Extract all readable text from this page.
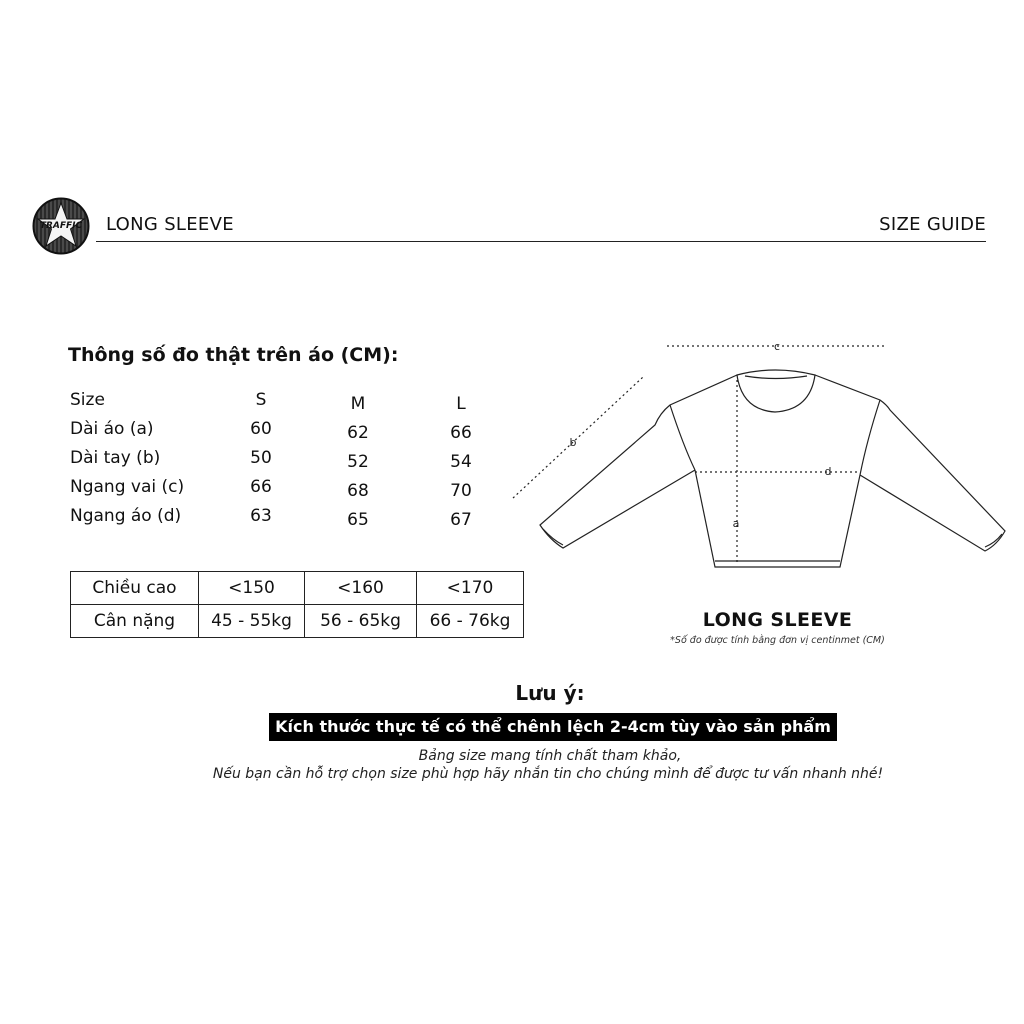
TRAFFIC LONG SLEEVE	SIZE GUIDE
Thông số đo thật trên áo (CM):
Size	S	M	L
Dài áo (a)	60	62	66
Dài tay (b)	50	52	54
Ngang vai (c)	66	68	70
Ngang áo (d)	63	65	67
Chiều cao	<150	<160	<170
Cân nặng	45 - 55kg	56 - 65kg	66 - 76kg
c
b
d
a
LONG SLEEVE
*Số đo được tính bằng đơn vị centinmet (CM)
Lưu ý:
Kích thước thực tế có thể chênh lệch 2-4cm tùy vào sản phẩm
Bảng size mang tính chất tham khảo,
Nếu bạn cần hỗ trợ chọn size phù hợp hãy nhắn tin cho chúng mình để được tư vấn nhanh nhé!
